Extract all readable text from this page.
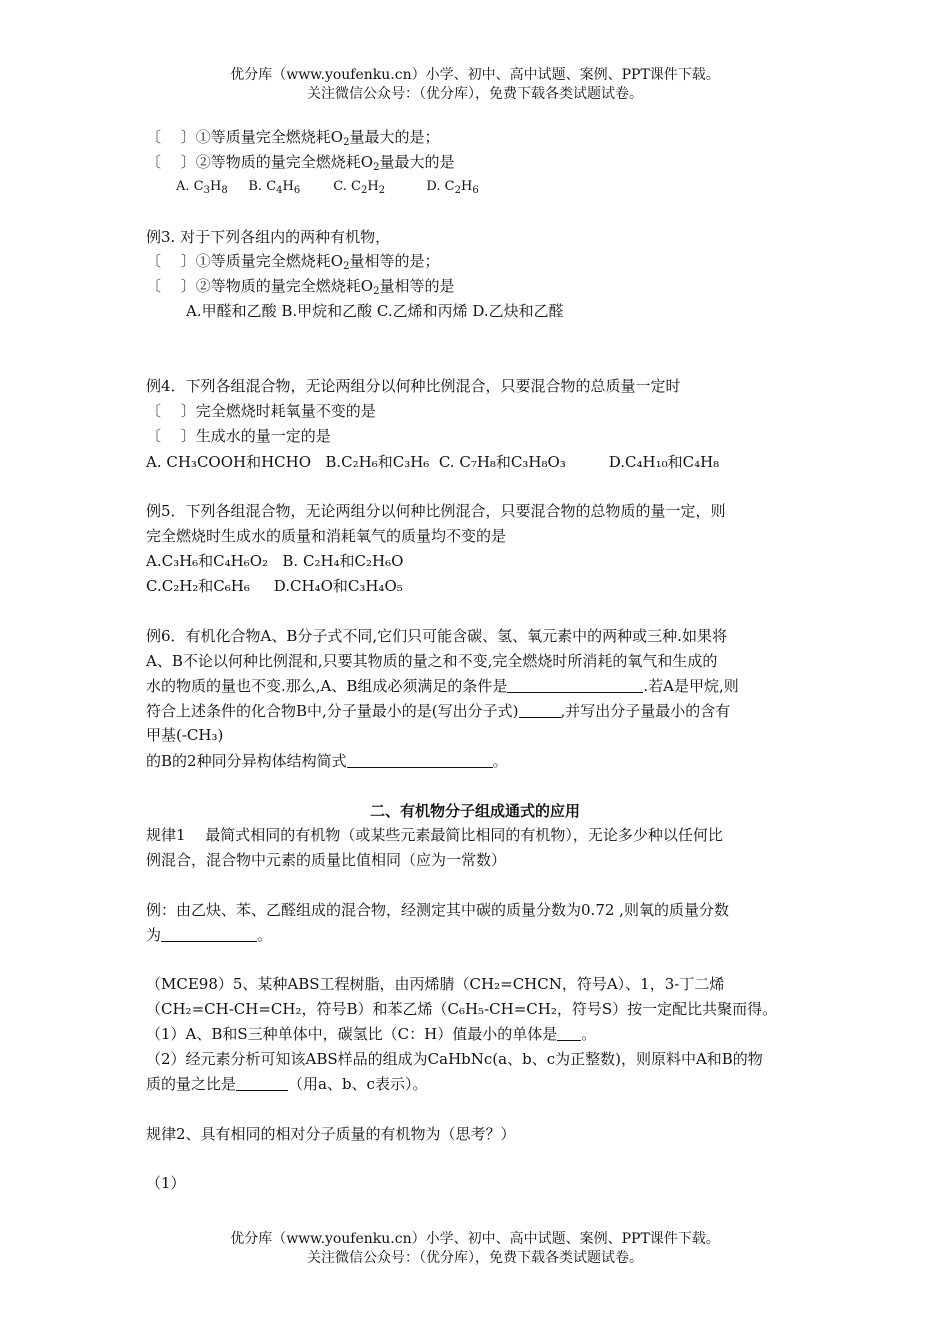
优分库（www.youfenku.cn）小学、初中、高中试题、案例、PPT课件下载。
关注微信公众号：（优分库），免费下载各类试题试卷。
〔　 〕①等质量完全燃烧耗$O_2$量最大的是；
〔　 〕②等物质的量完全燃烧耗$O_2$量最大的是
A. $C_3H_8$ B. $C_4H_6$	C. $C_2H_2$	D. $C_2H_6$
例3. 对于下列各组内的两种有机物，
〔　 〕①等质量完全燃烧耗$O_2$量相等的是；
〔　 〕②等物质的量完全燃烧耗$O_2$量相等的是
A.甲醛和乙酸 B.甲烷和乙酸 C.乙烯和丙烯 D.乙炔和乙醛
例4．下列各组混合物，无论两组分以何种比例混合，只要混合物的总质量一定时
〔　 〕完全燃烧时耗氧量不变的是
〔　 〕生成水的量一定的是
A. CH₃COOH和HCHO B.C₂H₆和C₃H₆ C. C₇H₈和C₃H₈O₃	D.C₄H₁₀和C₄H₈
例5．下列各组混合物，无论两组分以何种比例混合，只要混合物的总物质的量一定，则
完全燃烧时生成水的质量和消耗氧气的质量均不变的是
A.C₃H₆和C₄H₆O₂ B. C₂H₄和C₂H₆O
C.C₂H₂和C₆H₆ D.CH₄O和C₃H₄O₅
例6．有机化合物A、B分子式不同,它们只可能含碳、氢、氧元素中的两种或三种.如果将
A、B不论以何种比例混和,只要其物质的量之和不变,完全燃烧时所消耗的氧气和生成的
水的物质的量也不变.那么,A、B组成必须满足的条件是	.若A是甲烷,则
符合上述条件的化合物B中,分子量最小的是(写出分子式)	,并写出分子量最小的含有
甲基(-CH₃)
的B的2种同分异构体结构简式	。
二、有机物分子组成通式的应用
规律1　 最简式相同的有机物（或某些元素最简比相同的有机物），无论多少种以任何比
例混合，混合物中元素的质量比值相同（应为一常数）
例：由乙炔、苯、乙醛组成的混合物，经测定其中碳的质量分数为0.72 ,则氧的质量分数
为	。
（MCE98）5、某种ABS工程树脂，由丙烯腈（CH₂=CHCN，符号A）、1，3-丁二烯
（CH₂=CH-CH=CH₂，符号B）和苯乙烯（C₆H₅-CH=CH₂，符号S）按一定配比共聚而得。
（1）A、B和S三种单体中，碳氢比（C：H）值最小的单体是 。
（2）经元素分析可知该ABS样品的组成为CaHbNc(a、b、c为正整数)，则原料中A和B的物
质的量之比是	（用a、b、c表示）。
规律2、具有相同的相对分子质量的有机物为（思考？）
（1）
优分库（www.youfenku.cn）小学、初中、高中试题、案例、PPT课件下载。
关注微信公众号：（优分库），免费下载各类试题试卷。
